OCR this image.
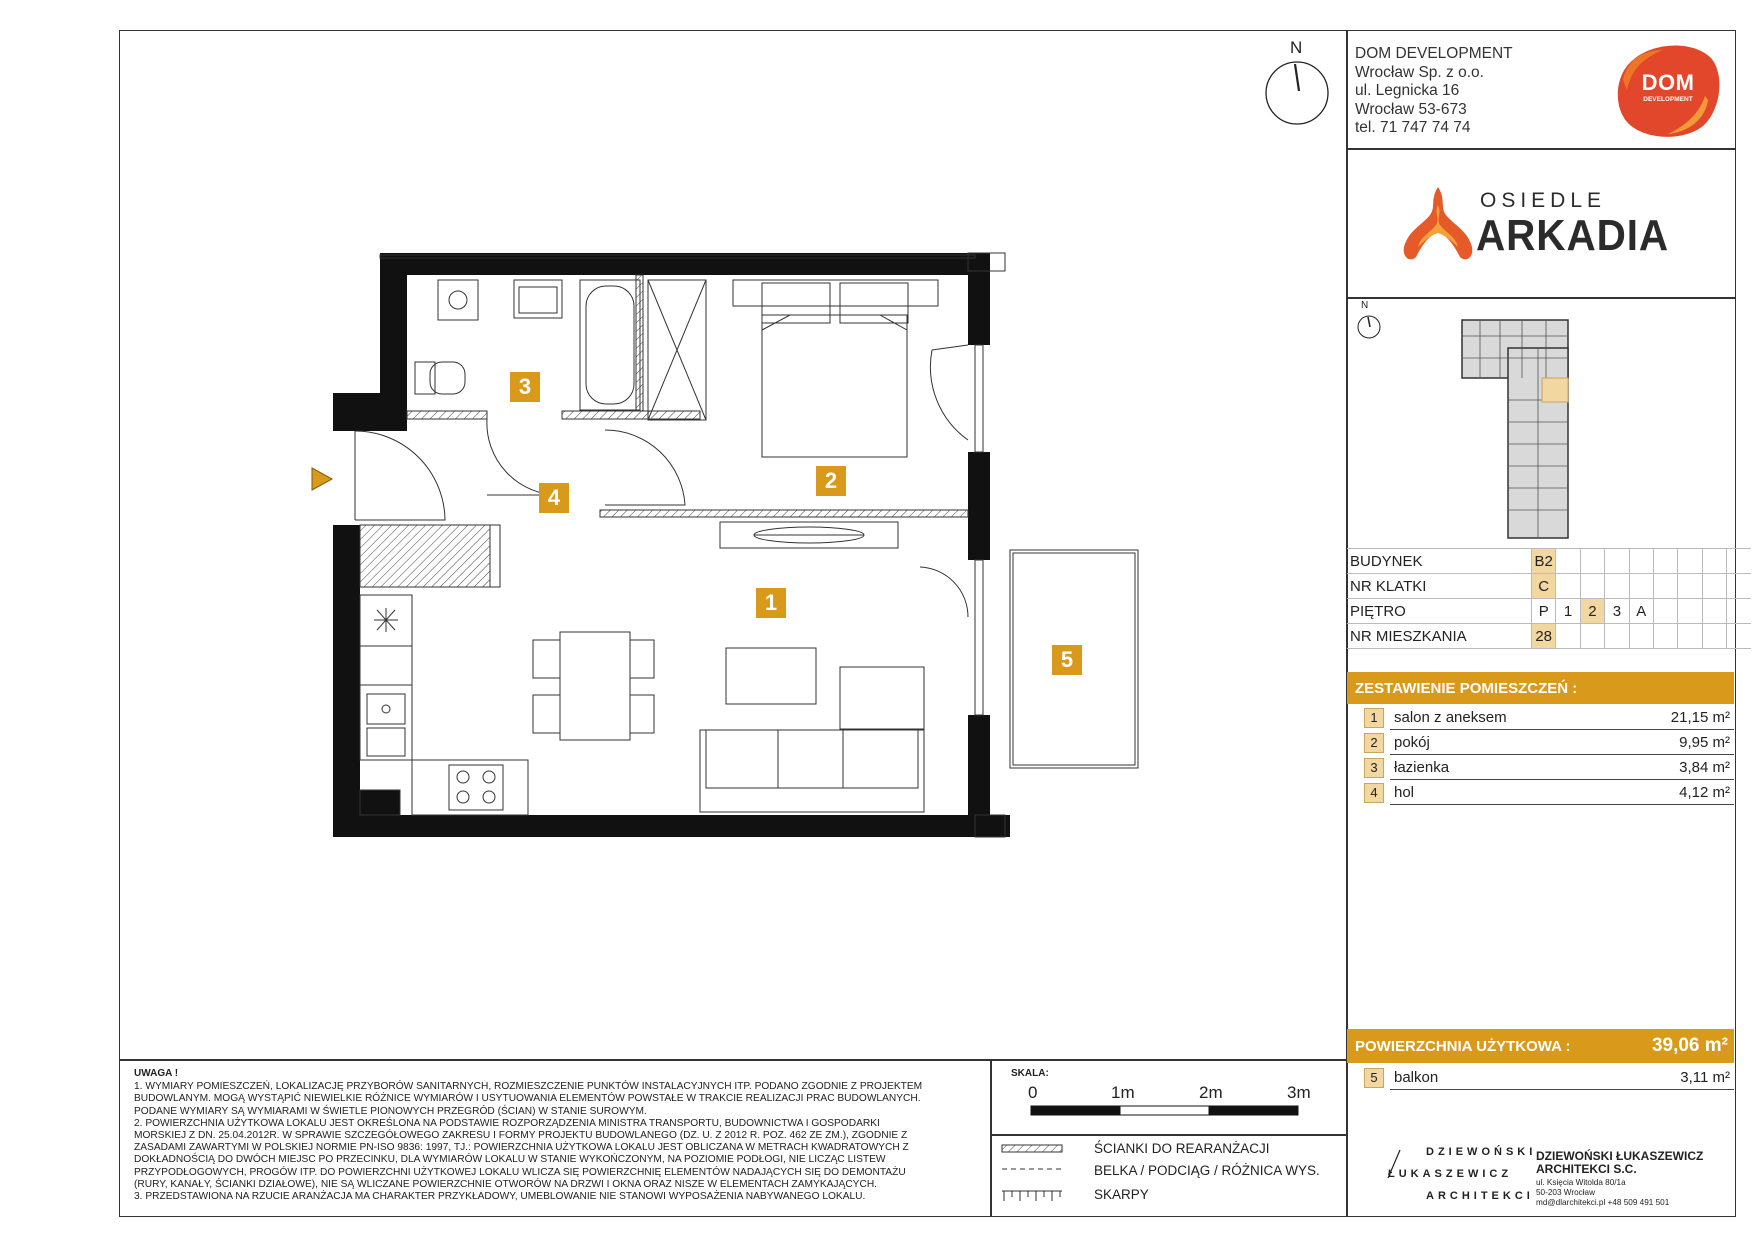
DOM DEVELOPMENT
Wrocław Sp. z o.o.
ul. Legnicka 16
Wrocław 53-673
tel. 71 747 74 74
DOM
DEVELOPMENT
OSIEDLE
ARKADIA
N
N
BUDYNEK	B2								
NR KLATKI	C								
PIĘTRO	P	1	2	3	A				
NR MIESZKANIA	28								
ZESTAWIENIE POMIESZCZEŃ :
1	salon z aneksem	21,15 m²
2	pokój	9,95 m²
3	łazienka	3,84 m²
4	hol	4,12 m²
POWIERZCHNIA UŻYTKOWA :	39,06 m²
5	balkon	3,11 m²
1
2
3
4
5
UWAGA !
1. WYMIARY POMIESZCZEŃ, LOKALIZACJĘ PRZYBORÓW SANITARNYCH, ROZMIESZCZENIE PUNKTÓW INSTALACYJNYCH ITP. PODANO ZGODNIE Z PROJEKTEM
BUDOWLANYM. MOGĄ WYSTĄPIĆ NIEWIELKIE RÓŻNICE WYMIARÓW I USYTUOWANIA ELEMENTÓW POWSTAŁE W TRAKCIE REALIZACJI PRAC BUDOWLANYCH.
PODANE WYMIARY SĄ WYMIARAMI W ŚWIETLE PIONOWYCH PRZEGRÓD (ŚCIAN) W STANIE SUROWYM.
2. POWIERZCHNIA UŻYTKOWA LOKALU JEST OKREŚLONA NA PODSTAWIE ROZPORZĄDZENIA MINISTRA TRANSPORTU, BUDOWNICTWA I GOSPODARKI
MORSKIEJ Z DN. 25.04.2012R. W SPRAWIE SZCZEGÓŁOWEGO ZAKRESU I FORMY PROJEKTU BUDOWLANEGO (DZ. U. Z 2012 R. POZ. 462 ZE ZM.), ZGODNIE Z
ZASADAMI ZAWARTYMI W POLSKIEJ NORMIE PN-ISO 9836: 1997, TJ.: POWIERZCHNIA UŻYTKOWA LOKALU JEST OBLICZANA W METRACH KWADRATOWYCH Z
DOKŁADNOŚCIĄ DO DWÓCH MIEJSC PO PRZECINKU, DLA WYMIARÓW LOKALU W STANIE WYKOŃCZONYM, NA POZIOMIE PODŁOGI, NIE LICZĄC LISTEW
PRZYPODŁOGOWYCH, PROGÓW ITP. DO POWIERZCHNI UŻYTKOWEJ LOKALU WLICZA SIĘ POWIERZCHNIĘ ELEMENTÓW NADAJĄCYCH SIĘ DO DEMONTAŻU
(RURY, KANAŁY, ŚCIANKI DZIAŁOWE), NIE SĄ WLICZANE POWIERZCHNIE OTWORÓW NA DRZWI I OKNA ORAZ NISZE W ELEMENTACH ZAMYKAJĄCYCH.
3. PRZEDSTAWIONA NA RZUCIE ARANŻACJA MA CHARAKTER PRZYKŁADOWY, UMEBLOWANIE NIE STANOWI WYPOSAŻENIA NABYWANEGO LOKALU.
SKALA:
0	1m	2m	3m
ŚCIANKI DO REARANŻACJI
BELKA / PODCIĄG / RÓŻNICA WYS.
SKARPY
DZIEWOŃSKI
ŁUKASZEWICZ
ARCHITEKCI
DZIEWOŃSKI ŁUKASZEWICZ
ARCHITEKCI S.C.
ul. Księcia Witolda 80/1a
50-203 Wrocław
md@dlarchitekci.pl +48 509 491 501
